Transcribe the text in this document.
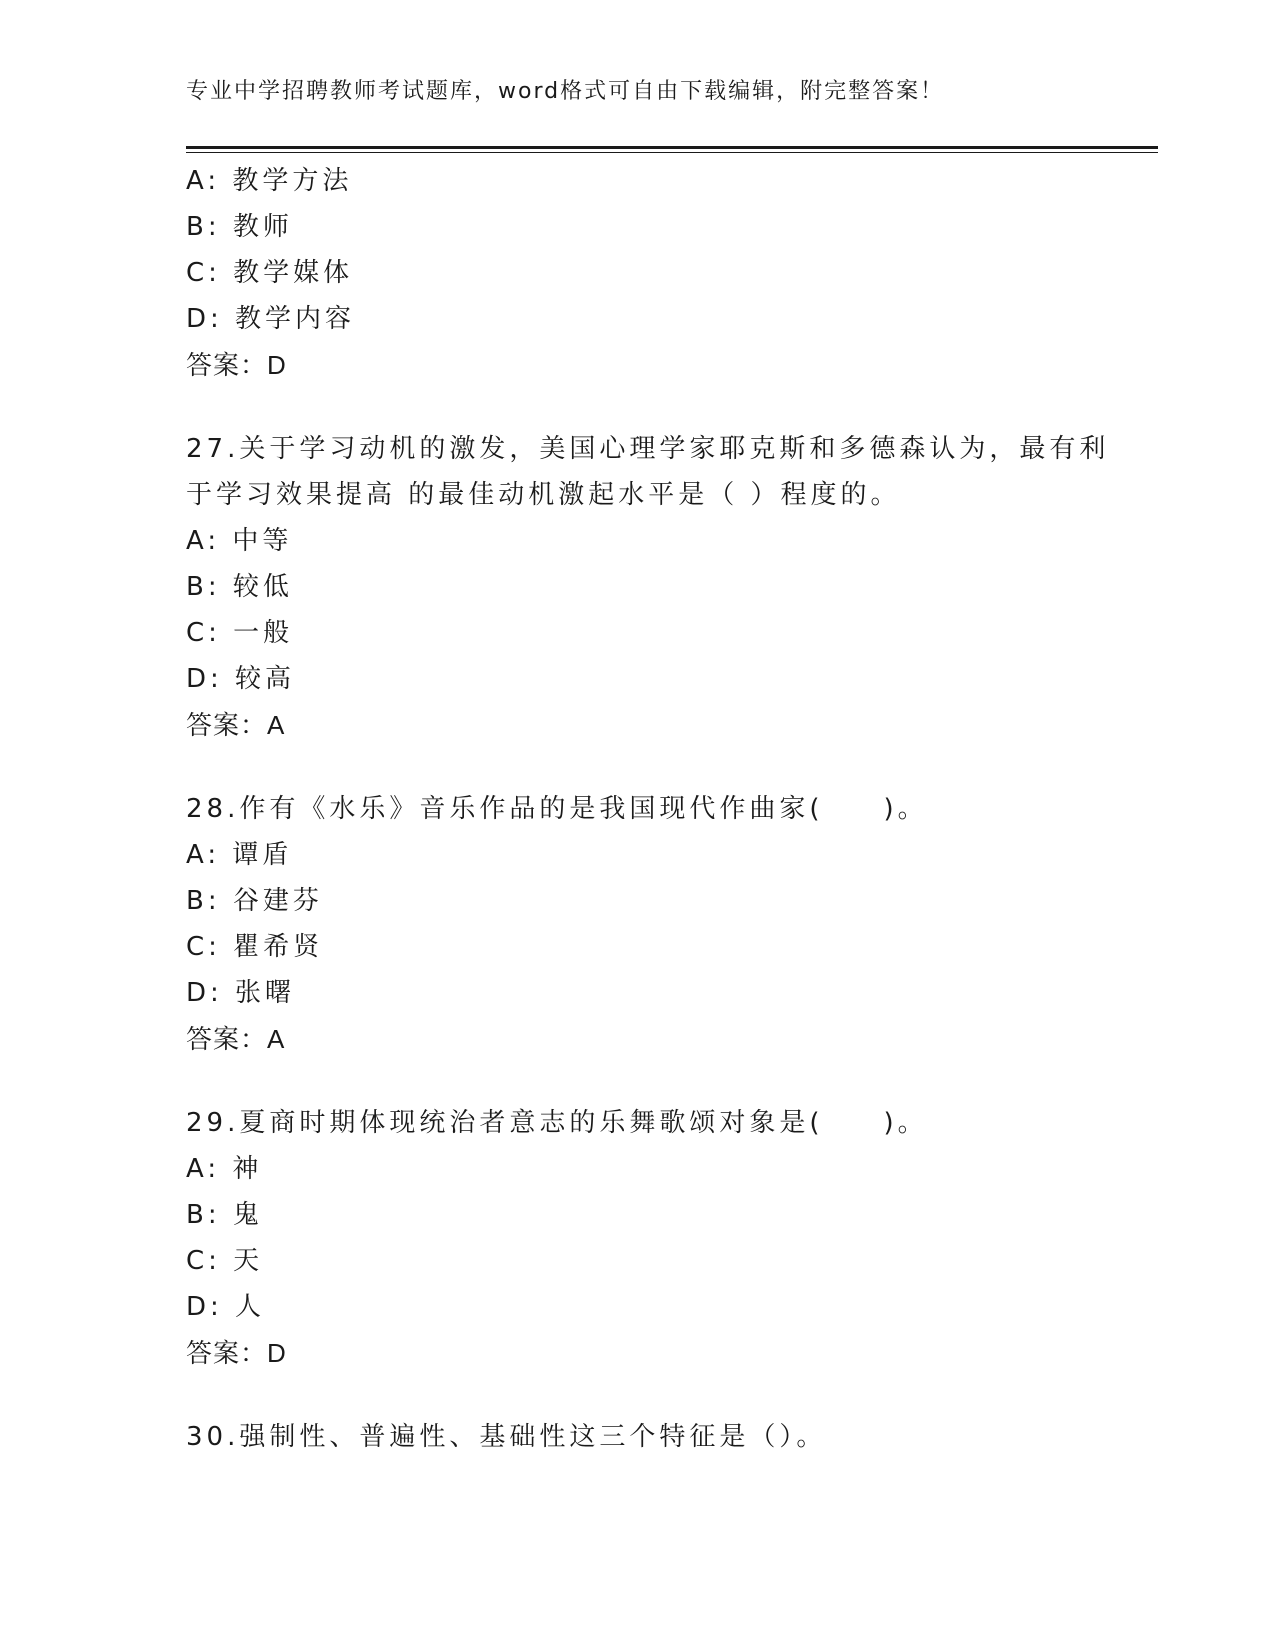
专业中学招聘教师考试题库，word格式可自由下载编辑，附完整答案！
A: 教学方法
B: 教师
C: 教学媒体
D: 教学内容
答案：D
27.关于学习动机的激发，美国心理学家耶克斯和多德森认为，最有利
于学习效果提高 的最佳动机激起水平是（ ）程度的。
A: 中等
B: 较低
C: 一般
D: 较高
答案：A
28.作有《水乐》音乐作品的是我国现代作曲家(　　)。
A: 谭盾
B: 谷建芬
C: 瞿希贤
D: 张曙
答案：A
29.夏商时期体现统治者意志的乐舞歌颂对象是(　　)。
A: 神
B: 鬼
C: 天
D: 人
答案：D
30.强制性、普遍性、基础性这三个特征是（）。
